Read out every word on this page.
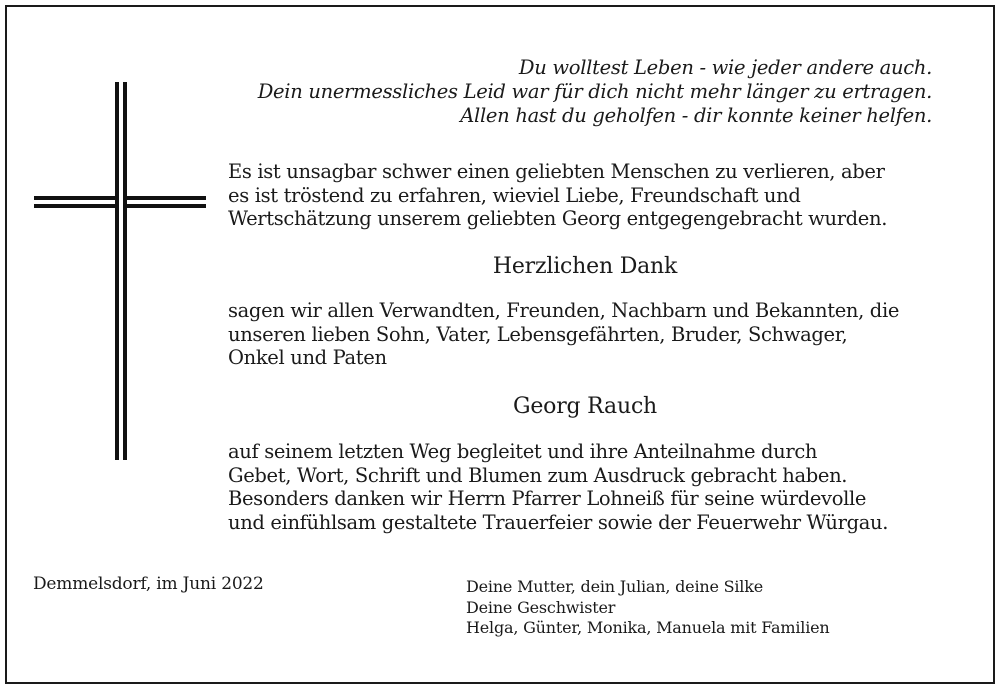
Du wolltest Leben - wie jeder andere auch.
Dein unermessliches Leid war für dich nicht mehr länger zu ertragen.
Allen hast du geholfen - dir konnte keiner helfen.
Es ist unsagbar schwer einen geliebten Menschen zu verlieren, aber
es ist tröstend zu erfahren, wieviel Liebe, Freundschaft und
Wertschätzung unserem geliebten Georg entgegengebracht wurden.
Herzlichen Dank
sagen wir allen Verwandten, Freunden, Nachbarn und Bekannten, die
unseren lieben Sohn, Vater, Lebensgefährten, Bruder, Schwager,
Onkel und Paten
Georg Rauch
auf seinem letzten Weg begleitet und ihre Anteilnahme durch
Gebet, Wort, Schrift und Blumen zum Ausdruck gebracht haben.
Besonders danken wir Herrn Pfarrer Lohneiß für seine würdevolle
und einfühlsam gestaltete Trauerfeier sowie der Feuerwehr Würgau.
Demmelsdorf, im Juni 2022	Deine Mutter, dein Julian, deine Silke
Deine Geschwister
Helga, Günter, Monika, Manuela mit Familien
